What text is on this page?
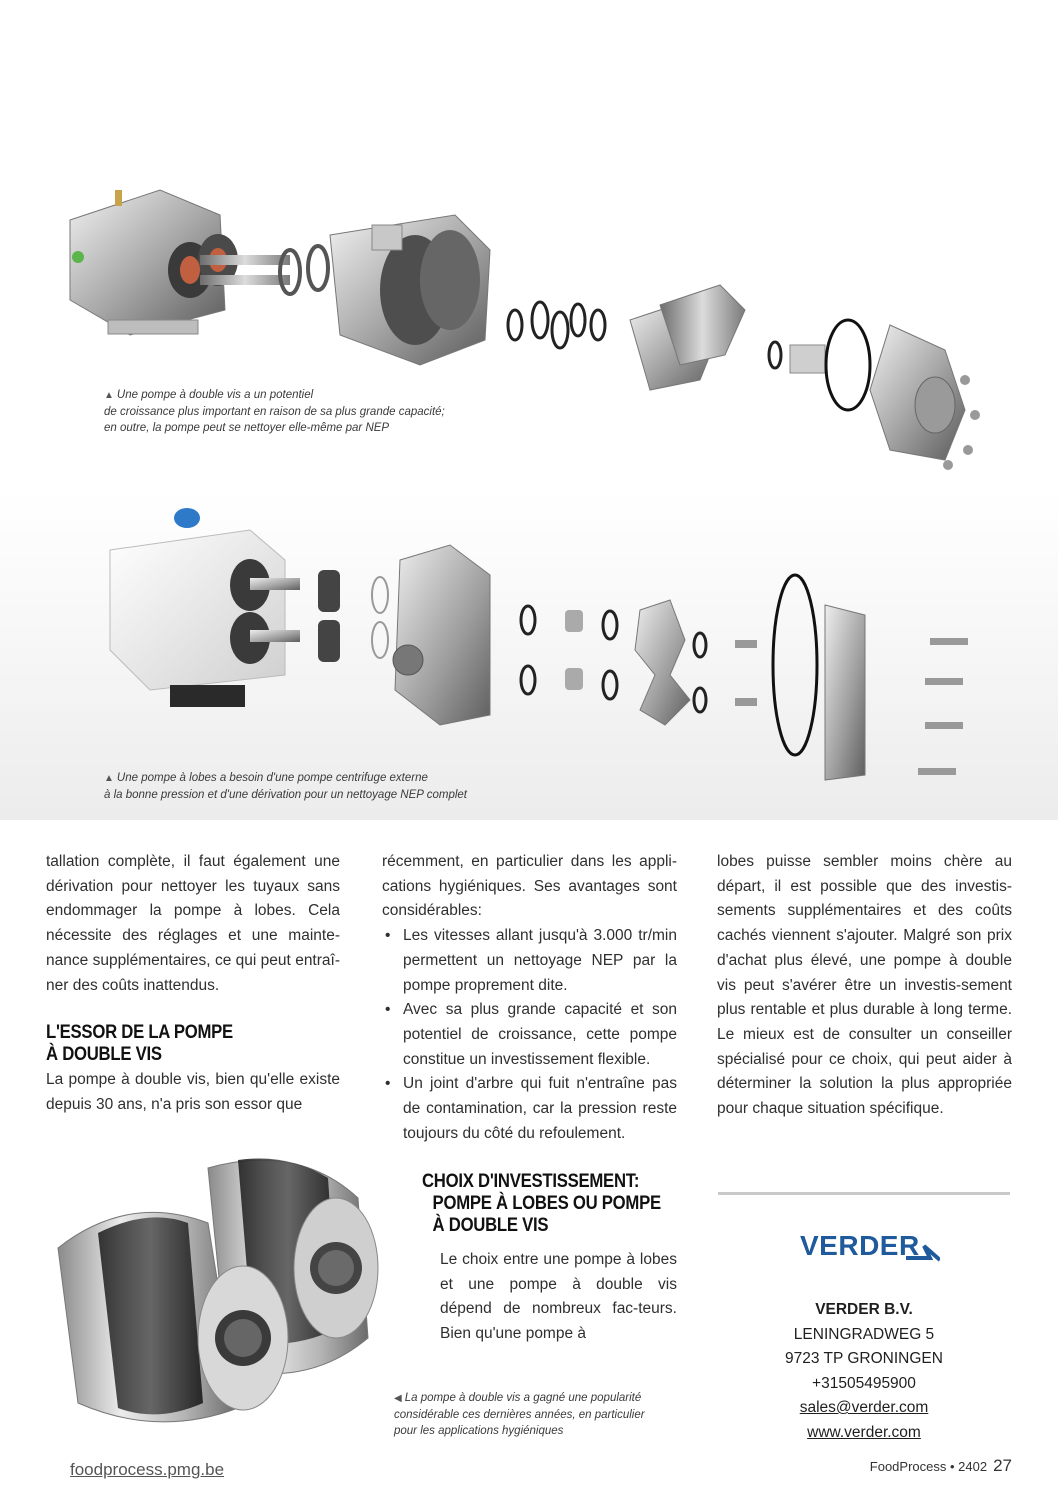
▲ Une pompe à double vis a un potentiel
de croissance plus important en raison de sa plus grande capacité;
en outre, la pompe peut se nettoyer elle-même par NEP
▲ Une pompe à lobes a besoin d'une pompe centrifuge externe
à la bonne pression et d'une dérivation pour un nettoyage NEP complet

tallation complète, il faut également une dérivation pour nettoyer les tuyaux sans endommager la pompe à lobes. Cela nécessite des réglages et une mainte-nance supplémentaires, ce qui peut entraî-ner des coûts inattendus.

L'ESSOR DE LA POMPE
À DOUBLE VIS

La pompe à double vis, bien qu'elle existe depuis 30 ans, n'a pris son essor que

récemment, en particulier dans les appli-cations hygiéniques. Ses avantages sont considérables:

• Les vitesses allant jusqu'à 3.000 tr/min permettent un nettoyage NEP par la pompe proprement dite.
• Avec sa plus grande capacité et son potentiel de croissance, cette pompe constitue un investissement flexible.
• Un joint d'arbre qui fuit n'entraîne pas de contamination, car la pression reste toujours du côté du refoulement.
CHOIX D'INVESTISSEMENT:
POMPE À LOBES OU POMPE
À DOUBLE VIS

Le choix entre une pompe à lobes et une pompe à double vis dépend de nombreux fac-teurs. Bien qu'une pompe à

lobes puisse sembler moins chère au départ, il est possible que des investis-sements supplémentaires et des coûts cachés viennent s'ajouter. Malgré son prix d'achat plus élevé, une pompe à double vis peut s'avérer être un investis-sement plus rentable et plus durable à long terme. Le mieux est de consulter un conseiller spécialisé pour ce choix, qui peut aider à déterminer la solution la plus appropriée pour chaque situation spécifique.

VERDER
VERDER B.V.
LENINGRADWEG 5
9723 TP GRONINGEN
+31505495900
sales@verder.com
www.verder.com
◀ La pompe à double vis a gagné une popularité
considérable ces dernières années, en particulier
pour les applications hygiéniques
foodprocess.pmg.be	FoodProcess • 2402 27
